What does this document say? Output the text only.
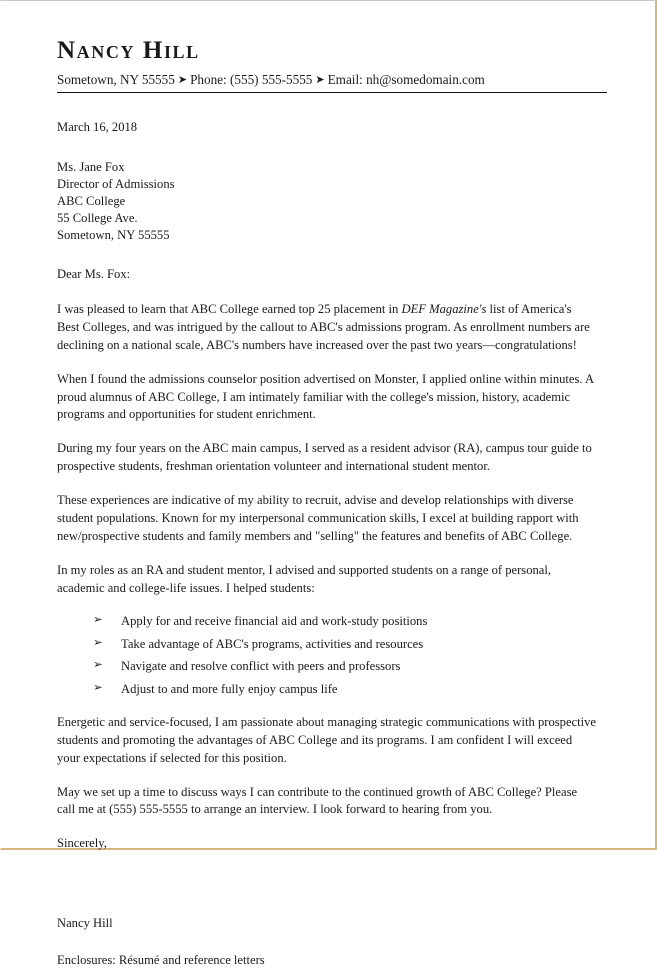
Nancy Hill
Sometown, NY 55555 ➤ Phone: (555) 555-5555 ➤ Email: nh@somedomain.com
March 16, 2018
Ms. Jane Fox
Director of Admissions
ABC College
55 College Ave.
Sometown, NY 55555
Dear Ms. Fox:

I was pleased to learn that ABC College earned top 25 placement in DEF Magazine's list of America's Best Colleges, and was intrigued by the callout to ABC's admissions program. As enrollment numbers are declining on a national scale, ABC's numbers have increased over the past two years—congratulations!

When I found the admissions counselor position advertised on Monster, I applied online within minutes. A proud alumnus of ABC College, I am intimately familiar with the college's mission, history, academic programs and opportunities for student enrichment.

During my four years on the ABC main campus, I served as a resident advisor (RA), campus tour guide to prospective students, freshman orientation volunteer and international student mentor.

These experiences are indicative of my ability to recruit, advise and develop relationships with diverse student populations. Known for my interpersonal communication skills, I excel at building rapport with new/prospective students and family members and "selling" the features and benefits of ABC College.

In my roles as an RA and student mentor, I advised and supported students on a range of personal, academic and college-life issues. I helped students:

➢ Apply for and receive financial aid and work-study positions
➢ Take advantage of ABC's programs, activities and resources
➢ Navigate and resolve conflict with peers and professors
➢ Adjust to and more fully enjoy campus life

Energetic and service-focused, I am passionate about managing strategic communications with prospective students and promoting the advantages of ABC College and its programs. I am confident I will exceed your expectations if selected for this position.

May we set up a time to discuss ways I can contribute to the continued growth of ABC College? Please call me at (555) 555-5555 to arrange an interview. I look forward to hearing from you.

Sincerely,
Nancy Hill
Enclosures: Résumé and reference letters
